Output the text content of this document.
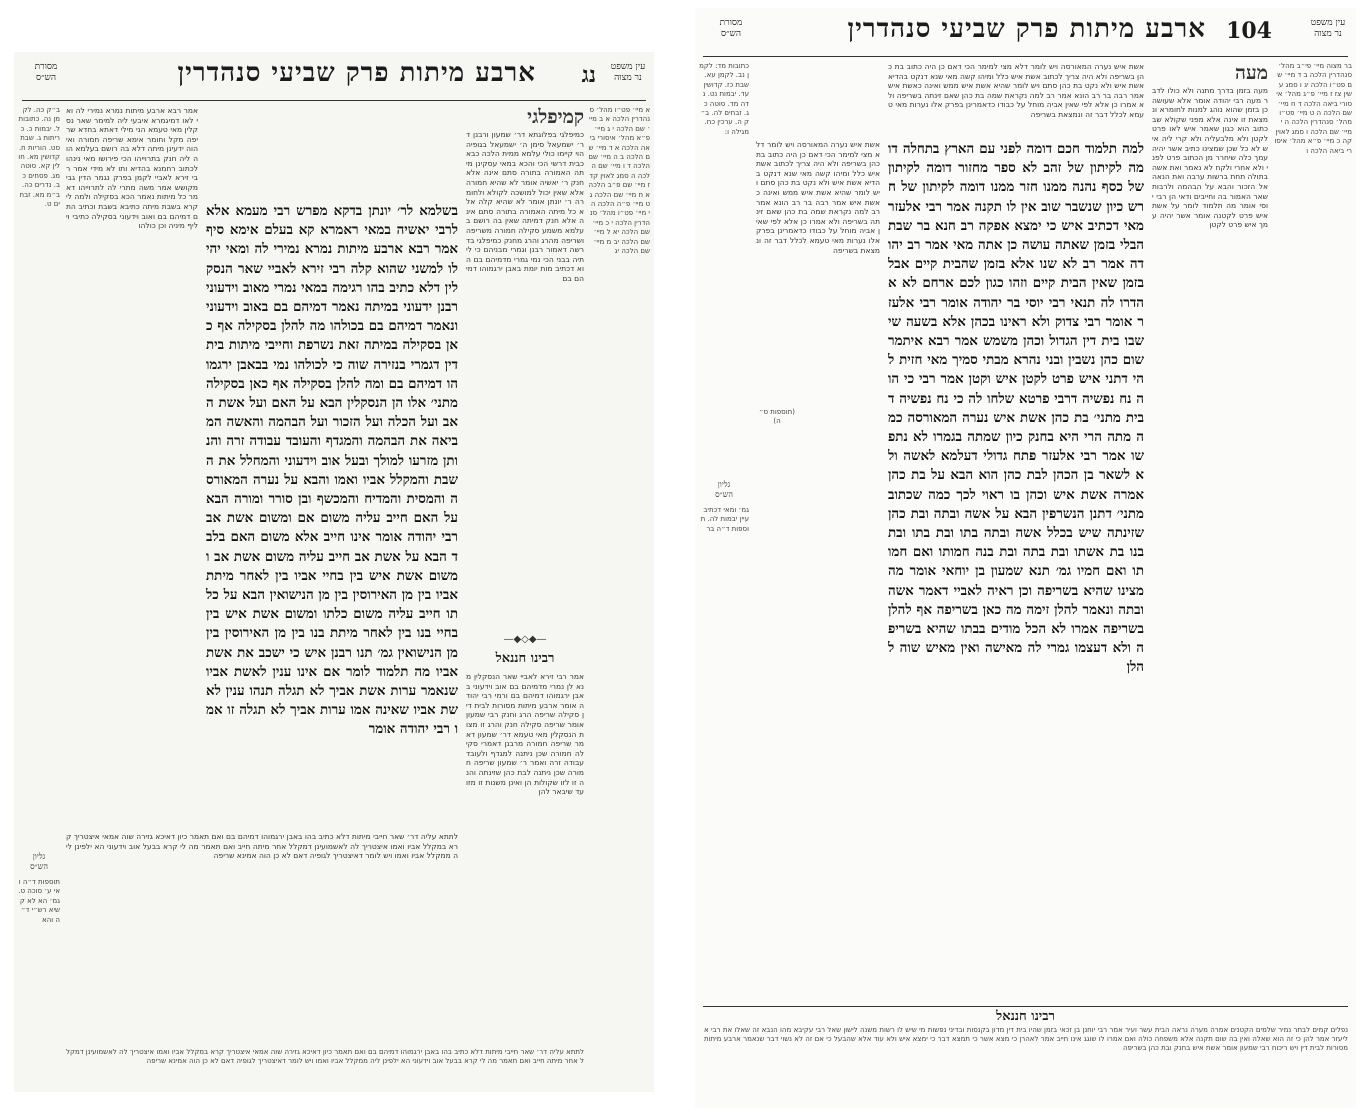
עין משפט
נר מצוה
נג
ארבע מיתות פרק שביעי סנהדרין
מסורת
הש״ס
א מיי׳ פט״ו מהל׳ סנהדרין הלכה א ב מיי׳ שם הלכה י ג מיי׳ פ״א מהל׳ איסורי ביאה הלכה א ד מיי׳ שם הלכה ב ה מיי׳ שם הלכה ד ו מיי׳ שם הלכה ה סמג לאוין קד ז מיי׳ שם פ״ב הלכה א ח מיי׳ שם הלכה ג ט מיי׳ פ״ה הלכה ה י מיי׳ פט״ו מהל׳ סנהדרין הלכה י כ מיי׳ שם הלכה יא ל מיי׳ שם הלכה יב מ מיי׳ שם הלכה יג
קמיפלגי
כמיפלגי בפלוגתא דר׳ שמעון ורבנן דר׳ ישמעאל סימן ה׳ ישמעאל בגופיה הוי קיימו כולי עלמא ממית הלכה כבא כבית דרשי הכי והכא במאי עסקינן מיתה האמורה בתורה סתם אינה אלא חנק ר׳ יאשיה אומר לא שהיא חמורה אלא שאין יכול למושכה לקולא ולחומרה ר׳ יונתן אומר לא שהיא קלה אלא כל מיתה האמורה בתורה סתם אינה אלא חנק דמיתה שאין בה רושם בעלמא משמע סקילה חמורה משריפה ושריפה מהרג והרג מחנק כמיפלגי בדרשה דאמור רבנן וגמרי מבניהם כי ליתיה בבני הכי נמי גמרי מדמיהם בם הוא דכתיב מות יומת באבן ירגמוהו דמיהם בם
—◆◇◆—
רבינו חננאל
אמר רבי זירא לאביי שאר הנסקלין מנא לן נמרי מדמיהם בם אוב וידעוני באבן ירגמוהו דמיהם בם ורמי רבי יהודה אומר ארבע מיתות מסורות לבית דין סקילה שריפה הרג וחנק רבי שמעון אומר שריפה סקילה חנק והרג זו מצות הנסקלין מאי טעמא דר׳ שמעון דאמר שריפה חמורה מרבנן דאמרי סקילה חמורה שכן ניתנה למגדף ולעובד עבודה זרה ואמר ר׳ שמעון שריפה חמורה שכן ניתנה לבת כהן שזינתה והנה זו לזו שקולות הן ואינן משנות זו מזו עד שיבאר להן
בשלמא לר׳ יונתן בדקא מפרש רבי מעמא אלא לרבי יאשיה במאי ראמרא קא בעלם אימא סיף אמר רבא ארבע מיתות נמרא נמירי לה ומאי יהי לו למשני שהוא קלה רבי זירא לאביי שאר הנסקלין דלא כתיב בהו רגימה במאי נמרי מאוב וידעוני רבנן ידעוני במיתה נאמר דמיהם בם באוב וידעוני ונאמר דמיהם בם בכולהו מה להלן בסקילה אף כאן בסקילה במיתה זאת נשרפת וחייבי מיתות בית דין דגמרי בנזירה שוה כי לכולהו נמי בבאבן ירגמוהו דמיהם בם ומה להלן בסקילה אף כאן בסקילה מתני׳ אלו הן הנסקלין הבא על האם ועל אשת האב ועל הכלה ועל הזכור ועל הבהמה והאשה המביאה את הבהמה והמגדף והעובד עבודה זרה והנותן מזרעו למולך ובעל אוב וידעוני והמחלל את השבת והמקלל אביו ואמו והבא על נערה המאורסה והמסית והמדיח והמכשף ובן סורר ומורה הבא על האם חייב עליה משום אם ומשום אשת אב רבי יהודה אומר אינו חייב אלא משום האם בלבד הבא על אשת אב חייב עליה משום אשת אב ומשום אשת איש בין בחיי אביו בין לאחר מיתת אביו בין מן האירוסין בין מן הנישואין הבא על כלתו חייב עליה משום כלתו ומשום אשת איש בין בחיי בנו בין לאחר מיתת בנו בין מן האירוסין בין מן הנישואין גמ׳ תנו רבנן איש כי ישכב את אשת אביו מה תלמוד לומר אם אינו ענין לאשת אביו שנאמר ערות אשת אביך לא תגלה תנהו ענין לאשת אביו שאינה אמו ערות אביך לא תגלה זו אמו רבי יהודה אומר
אמר רבא ארבע מיתות נמרא נמירי לה ואי לאו דמיגמרא איבעי ליה למימר שאר נסקלין מאי טעמא הני מילי דאתא בחדא שריפה מקל וחומר אימא שריפה חמורה ואי הוה ידעינן מיתה דלא בה רושם בעלמא הוה ליה חנק בתרוייהו הכי פירושו מאי נינהו לכתוב רחמנא בהדיא ותו לא מידי אמר רבי זירא לאביי לקמן בפרק נגמר הדין גבי מקושש אמר משה מתרי לה לתרוייהו דאמר כל מיתות נאמר הכא בסקילה ולמה לי קרא בשבת מיתה כתיבא בשבת וכתיב התם דמיהם בם ואוב וידעוני בסקילה כתיבי ויליף מיניה וכן כולהו
ב״ק כה. לקמן נה. כתובות ל. יבמות כ. כריתות ג. שבת סט. הוריות ח. קדושין מא. חולין קא. סוטה מג. פסחים כב. נדרים כה. ב״מ מא. זבחים ט.
גליון
הש״ס
תוספות ד״ה ואי ע׳ סוכה ט. גמ׳ הא לא קשיא רש״י ד״ה והא
לתתא עליה דר׳ שאר חייבי מיתות דלא כתיב בהו באבן ירגמוהו דמיהם בם ואם תאמר כיון דאיכא גזירה שוה אמאי איצטריך קרא במקלל אביו ואמו איצטריך לה לאשמועינן דמקלל אחר מיתה חייב ואם תאמר מה לי קרא בבעל אוב וידעוני הא ילפינן ליה ממקלל אביו ואמו ויש לומר דאיצטריך לגופיה דאם לא כן הוה אמינא שריפה
לתתא עליה דר׳ שאר חייבי מיתות דלא כתיב בהו באבן ירגמוהו דמיהם בם ואם תאמר כיון דאיכא גזירה שוה אמאי איצטריך קרא במקלל אביו ואמו איצטריך לה לאשמועינן דמקלל אחר מיתה חייב ואם תאמר מה לי קרא בבעל אוב וידעוני הא ילפינן ליה ממקלל אביו ואמו ויש לומר דאיצטריך לגופיה דאם לא כן הוה אמינא שריפה
עין משפט
נר מצוה
104
ארבע מיתות פרק שביעי סנהדרין
מסורת
הש״ס
בר מצוה מיי׳ פי״ב מהל׳ סנהדרין הלכה ב ד מיי׳ שם פט״ו הלכה יג ו סמג עשין צז ז מיי׳ פ״ג מהל׳ איסורי ביאה הלכה ד ח מיי׳ שם הלכה ה ט מיי׳ פט״ו מהל׳ סנהדרין הלכה ה י מיי׳ שם הלכה ו סמג לאוין קה כ מיי׳ פ״א מהל׳ איסורי ביאה הלכה ו
מעה
מעה בזמן בדרך מתנה ולא כולו לדבר מעה רבי יהודה אומר אלא שעושה כן בזמן שהוא נוהג למנות לחומרא ונמצאת זו אינה אלא מפני שקולא שבכתוב הוא כגון שאמר איש לאו פרט לקטן ולא מלבעליה ולא קרי ליה איש לא כל שכן שמצינו כתיב אשר יהיה עמך כלה שיחרר מן הכתוב פרט לפני ולא אחרי ולקח לא נאמר ואת אשה בתולה תחת ברשות ערבה ואת הנאה אל הזכור והבא על הבהמה ולרבות שאר האמור בה וחייבים ודאי הן רבי יוסי אומר מה תלמוד לומר על אשת איש פרט לקטנה אומר אשר יהיה עמך איש פרט לקטן
אשת איש נערה המאורסה ויש לומר דלא מצי למימר הכי דאם כן היה כתוב בת כהן בשריפה ולא היה צריך לכתוב אשת איש כלל ומיהו קשה מאי שנא דנקט בהדיא אשת איש ולא נקט בת כהן סתם ויש לומר שהיא אשת איש ממש ואינה כאשת איש אמר רבה בר רב הונא אמר רב למה נקראת שמה בת כהן שאם זינתה בשריפה ולא אמרו כן אלא לפי שאין אביה מוחל על כבודו כדאמרינן בפרק אלו נערות מאי טעמא לכלל דבר זה ונמצאת בשריפה
למה תלמוד חכם דומה לפני עם הארץ בתחלה דומה לקיתון של זהב לא ספר מחזור דומה לקיתון של כסף נהנה ממנו חזר ממנו דומה לקיתון של חרש כיון שנשבר שוב אין לו תקנה אמר רבי אלעזר מאי דכתיב איש כי ימצא אפקה רב חנא בר שבת הבלי בזמן שאתה עושה כן אתה מאי אמר רב יהודה אמר רב לא שנו אלא בזמן שהבית קיים אבל בזמן שאין הבית קיים וזהו כגון לכם ארחם לא אהדרו לה תנאי רבי יוסי בר יהודה אומר רבי אלעזר אומר רבי צדוק ולא ראינו בכהן אלא בשעה שישבו בית דין הגדול וכהן משמש אמר רבא איתמר שום כהן נשבין ובני נהרא מבתי סמיך מאי חזית להי דתני איש פרט לקטן איש וקטן אמר רבי כי הוה נח נפשיה דרבי פרטא שלחו לה כי נח נפשיה דבית מתני׳ בת כהן אשת איש נערה המאורסה כמה מתה הרי היא בחנק כיון שמתה בגמרו לא נתפשו אמר רבי אלעזר פתח גדולי דעלמא לאשה ולא לשאר בן הכהן לבת כהן הוא הבא על בת כהן אמרה אשת איש וכהן בו ראוי לכך כמה שכתוב מתני׳ דתנן הנשרפין הבא על אשה ובתה ובת כהן שזינתה שיש בכלל אשה ובתה בתו ובת בתו ובת בנו בת אשתו ובת בתה ובת בנה חמותו ואם חמותו ואם חמיו גמ׳ תנא שמעון בן יוחאי אומר מה מצינו שהיא בשריפה וכן ראיה לאביי דאמר אשה ובתה ונאמר להלן זימה מה כאן בשריפה אף להלן בשריפה אמרו לא הכל מודים בבתו שהיא בשריפה ולא דעצמו גמרי לה מאישה ואין מאיש שוה להלן
אשת איש נערה המאורסה ויש לומר דלא מצי למימר הכי דאם כן היה כתוב בת כהן בשריפה ולא היה צריך לכתוב אשת איש כלל ומיהו קשה מאי שנא דנקט בהדיא אשת איש ולא נקט בת כהן סתם ויש לומר שהיא אשת איש ממש ואינה כאשת איש אמר רבה בר רב הונא אמר רב למה נקראת שמה בת כהן שאם זינתה בשריפה ולא אמרו כן אלא לפי שאין אביה מוחל על כבודו כדאמרינן בפרק אלו נערות מאי טעמא לכלל דבר זה ונמצאת בשריפה
כתובות מד: לקמן נב. לקמן עא. שבת כז. קדושין עד. יבמות נט. נדה מד. סוטה כג. זבחים לה. ב״ק ה. ערכין כח. מגילה ו:
גליון
הש״ס
גמ׳ ומאי דכתיב עיין יבמות לה. תוספות ד״ה בר
(תוספות ס״ה)
רבינו חננאל
נפלים קמים לבתר נמיר שלמים הקטנים אמרה מערה נראה הבית עשר ועיר אמר רבי יוחנן בן זכאי בזמן שהיו בית דין מדון בקנסות ובדיני נפשות מי שיש לו רשות משנה לישון שאל רבי עקיבא מהו הנבא זה שאלו את רבי אליעזר אמר להן כי זה הוא שאלה ואין בה שום תקנה אלא משפחה כולה ואם אמרו לו שוגג אינו חייב אמר לאהרן כי מצא אשר כי תמצא דבר כי ימצא איש ולא עוד אלא שהבעל כי אם זה לא נשוי דבר שנאמר ארבע מיתות מסורות לבית דין ויש ריכוח רבי שמעון אומר אשת איש בחנק ובת כהן בשריפה
